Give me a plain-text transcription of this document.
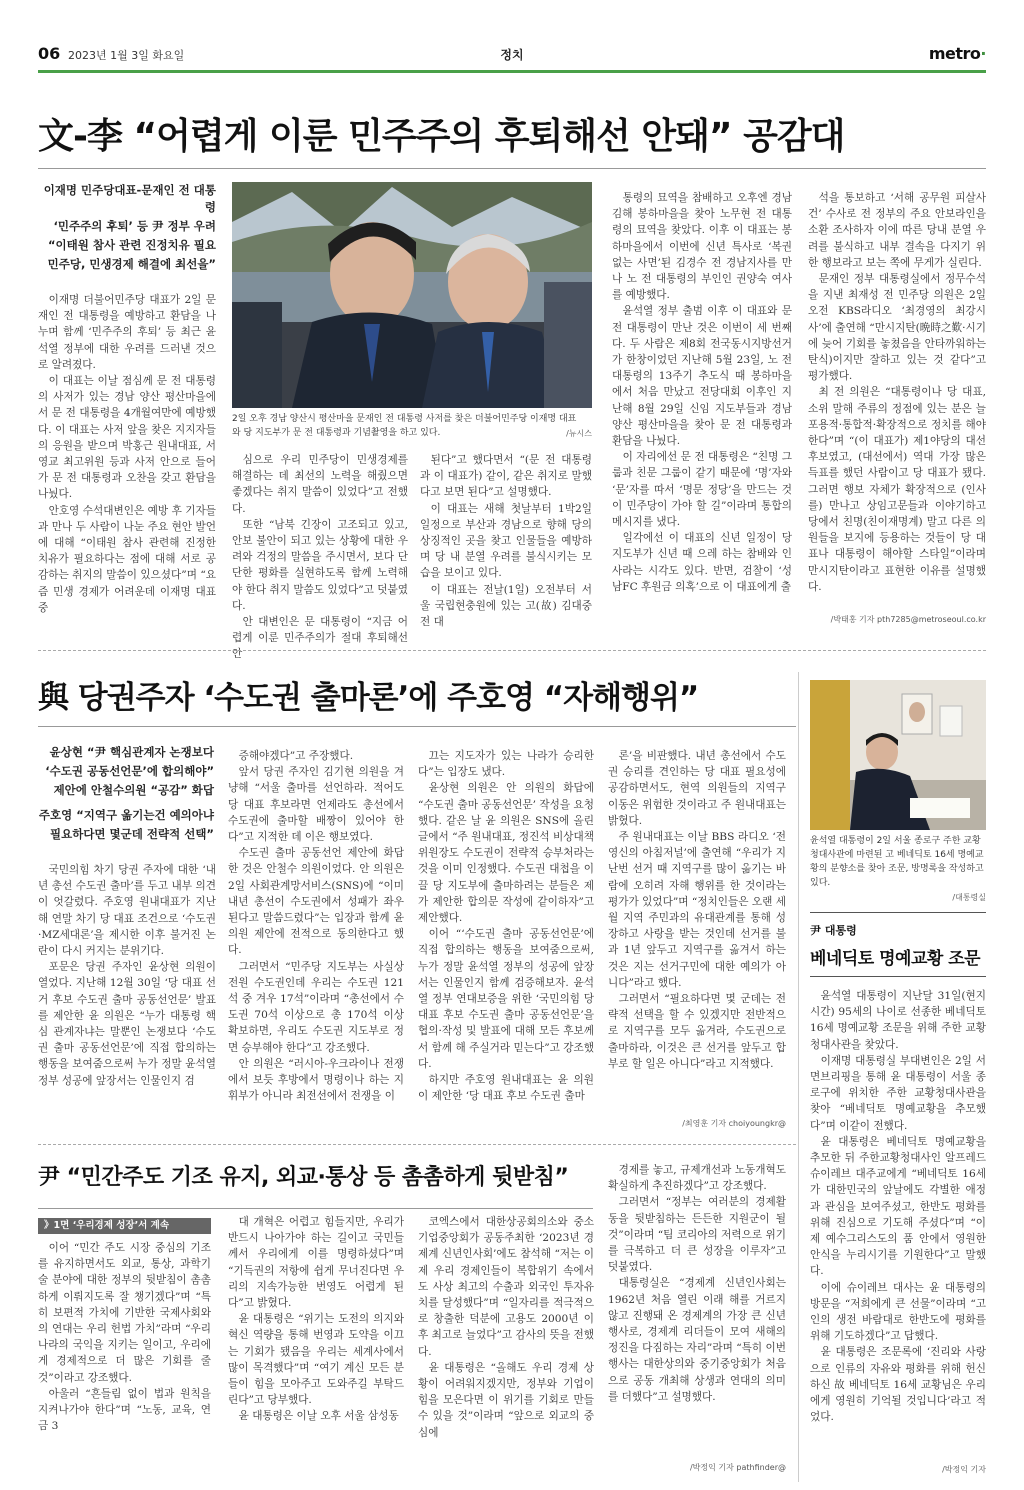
06 2023년 1월 3일 화요일	정치	metro·
文-李 “어렵게 이룬 민주주의 후퇴해선 안돼” 공감대

이재명 민주당대표-문재인 전 대통령

‘민주주의 후퇴’ 등 尹 정부 우려

“이태원 참사 관련 진정치유 필요

민주당, 민생경제 해결에 최선을”

이재명 더불어민주당 대표가 2일 문재인 전 대통령을 예방하고 환담을 나누며 함께 ‘민주주의 후퇴’ 등 최근 윤석열 정부에 대한 우려를 드러낸 것으로 알려졌다.

이 대표는 이날 점심께 문 전 대통령의 사저가 있는 경남 양산 평산마을에서 문 전 대통령을 4개월여만에 예방했다. 이 대표는 사저 앞을 찾은 지지자들의 응원을 받으며 박홍근 원내대표, 서영교 최고위원 등과 사저 안으로 들어가 문 전 대통령과 오찬을 갖고 환담을 나눴다.

안호영 수석대변인은 예방 후 기자들과 만나 두 사람이 나눈 주요 현안 발언에 대해 “이태원 참사 관련해 진정한 치유가 필요하다는 점에 대해 서로 공감하는 취지의 말씀이 있으셨다”며 “요즘 민생 경제가 어려운데 이재명 대표 중

2일 오후 경남 양산시 평산마을 문재인 전 대통령 사저를 찾은 더불어민주당 이재명 대표와 당 지도부가 문 전 대통령과 기념촬영을 하고 있다.	/뉴시스

심으로 우리 민주당이 민생경제를 해결하는 데 최선의 노력을 해줬으면 좋겠다는 취지 말씀이 있었다”고 전했다.

또한 “남북 긴장이 고조되고 있고, 안보 불안이 되고 있는 상황에 대한 우려와 걱정의 말씀을 주시면서, 보다 단단한 평화를 실현하도록 함께 노력해야 한다 취지 말씀도 있었다”고 덧붙였다.

안 대변인은 문 대통령이 “지금 어렵게 이룬 민주주의가 절대 후퇴해선 안

된다”고 했다면서 “(문 전 대통령과 이 대표가) 같이, 같은 취지로 말했다고 보면 된다”고 설명했다.

이 대표는 새해 첫날부터 1박2일 일정으로 부산과 경남으로 향해 당의 상징적인 곳을 찾고 인물들을 예방하며 당 내 분열 우려를 불식시키는 모습을 보이고 있다.

이 대표는 전날(1일) 오전부터 서울 국립현충원에 있는 고(故) 김대중 전 대

통령의 묘역을 참배하고 오후엔 경남 김해 봉하마을을 찾아 노무현 전 대통령의 묘역을 찾았다. 이후 이 대표는 봉하마을에서 이번에 신년 특사로 ‘복권 없는 사면’된 김경수 전 경남지사를 만나 노 전 대통령의 부인인 권양숙 여사를 예방했다.

윤석열 정부 출범 이후 이 대표와 문 전 대통령이 만난 것은 이번이 세 번째다. 두 사람은 제8회 전국동시지방선거가 한창이었던 지난해 5월 23일, 노 전 대통령의 13주기 추도식 때 봉하마을에서 처음 만났고 전당대회 이후인 지난해 8월 29일 신임 지도부들과 경남 양산 평산마을을 찾아 문 전 대통령과 환담을 나눴다.

이 자리에선 문 전 대통령은 “친명 그룹과 친문 그룹이 같기 때문에 ‘명’자와 ‘문’자를 따서 ‘명문 정당’을 만드는 것이 민주당이 가야 할 길”이라며 통합의 메시지를 냈다.

일각에선 이 대표의 신년 일정이 당 지도부가 신년 때 으레 하는 참배와 인사라는 시각도 있다. 반면, 검찰이 ‘성남FC 후원금 의혹’으로 이 대표에게 출

석을 통보하고 ‘서해 공무원 피살사건’ 수사로 전 정부의 주요 안보라인을 소환 조사하자 이에 따른 당내 분열 우려를 불식하고 내부 결속을 다지기 위한 행보라고 보는 쪽에 무게가 실린다.

문재인 정부 대통령실에서 정무수석을 지낸 최재성 전 민주당 의원은 2일 오전 KBS라디오 ‘최경영의 최강시사’에 출연해 “만시지탄(晩時之歎·시기에 늦어 기회를 놓쳤음을 안타까워하는 탄식)이지만 잘하고 있는 것 같다”고 평가했다.

최 전 의원은 “대통령이나 당 대표, 소위 말해 주류의 정점에 있는 분은 늘 포용적·통합적·확장적으로 정치를 해야 한다”며 “(이 대표가) 제1야당의 대선후보였고, (대선에서) 역대 가장 많은 득표를 했던 사람이고 당 대표가 됐다. 그러면 행보 자체가 확장적으로 (인사를) 만나고 상임고문들과 이야기하고 당에서 친명(친이재명계) 말고 다른 의원들을 보지에 등용하는 것들이 당 대표나 대통령이 해야할 스타일”이라며 만시지탄이라고 표현한 이유를 설명했다.

/박태홍 기자 pth7285@metroseoul.co.kr
與 당권주자 ‘수도권 출마론’에 주호영 “자해행위”

윤상현 “尹 핵심관계자 논쟁보다

‘수도권 공동선언문’에 합의해야”

제안에 안철수의원 “공감” 화답

주호영 “지역구 옮기는건 예의아냐

필요하다면 몇군데 전략적 선택”

국민의힘 차기 당권 주자에 대한 ‘내년 총선 수도권 출마’를 두고 내부 의견이 엇갈렸다. 주호영 원내대표가 지난해 연말 차기 당 대표 조건으로 ‘수도권·MZ세대론’을 제시한 이후 불거진 논란이 다시 커지는 분위기다.

포문은 당권 주자인 윤상현 의원이 열었다. 지난해 12월 30일 ‘당 대표 선거 후보 수도권 출마 공동선언문’ 발표를 제안한 윤 의원은 “누가 대통령 핵심 관계자냐는 말뿐인 논쟁보다 ‘수도권 출마 공동선언문’에 직접 합의하는 행동을 보여줌으로써 누가 정말 윤석열 정부 성공에 앞장서는 인물인지 검

증해야겠다”고 주장했다.

앞서 당권 주자인 김기현 의원을 겨냥해 “서울 출마를 선언하라. 적어도 당 대표 후보라면 언제라도 총선에서 수도권에 출마할 배짱이 있어야 한다”고 지적한 데 이은 행보였다.

수도권 출마 공동선언 제안에 화답한 것은 안철수 의원이었다. 안 의원은 2일 사회관계망서비스(SNS)에 “이미 내년 총선이 수도권에서 성패가 좌우된다고 말씀드렸다”는 입장과 함께 윤 의원 제안에 전적으로 동의한다고 했다.

그러면서 “민주당 지도부는 사실상 전원 수도권인데 우리는 수도권 121석 중 겨우 17석”이라며 “총선에서 수도권 70석 이상으로 총 170석 이상 확보하면, 우리도 수도권 지도부로 정면 승부해야 한다”고 강조했다.

안 의원은 “러시아-우크라이나 전쟁에서 보듯 후방에서 명령이나 하는 지휘부가 아니라 최전선에서 전쟁을 이

끄는 지도자가 있는 나라가 승리한다”는 입장도 냈다.

윤상현 의원은 안 의원의 화답에 “수도권 출마 공동선언문’ 작성을 요청했다. 같은 날 윤 의원은 SNS에 올린 글에서 “주 원내대표, 정진석 비상대책위원장도 수도권이 전략적 승부처라는 것을 이미 인정했다. 수도권 대첩을 이끌 당 지도부에 출마하려는 분들은 제가 제안한 합의문 작성에 같이하자”고 제안했다.

이어 “‘수도권 출마 공동선언문’에 직접 합의하는 행동을 보여줌으로써, 누가 정말 윤석열 정부의 성공에 앞장서는 인물인지 함께 검증해보자. 윤석열 정부 연대보증을 위한 ‘국민의힘 당대표 후보 수도권 출마 공동선언문’을 협의·작성 및 발표에 대해 모든 후보께서 함께 해 주실거라 믿는다”고 강조했다.

하지만 주호영 원내대표는 윤 의원이 제안한 ‘당 대표 후보 수도권 출마

론’을 비판했다. 내년 총선에서 수도권 승리를 견인하는 당 대표 필요성에 공감하면서도, 현역 의원들의 지역구 이동은 위험한 것이라고 주 원내대표는 밝혔다.

주 원내대표는 이날 BBS 라디오 ‘전영신의 아침저널’에 출연해 “우리가 지난번 선거 때 지역구를 많이 옮기는 바람에 오히려 자해 행위를 한 것이라는 평가가 있었다”며 “정치인들은 오랜 세월 지역 주민과의 유대관계를 통해 성장하고 사랑을 받는 것인데 선거를 불과 1년 앞두고 지역구를 옮겨서 하는 것은 지는 선거구민에 대한 예의가 아니다”라고 했다.

그러면서 “필요하다면 몇 군데는 전략적 선택을 할 수 있겠지만 전반적으로 지역구를 모두 옮겨라, 수도권으로 출마하라, 이것은 큰 선거를 앞두고 합부로 할 일은 아니다”라고 지적했다.

/최영훈 기자 choiyoungkr@
윤석열 대통령이 2일 서울 종로구 주한 교황청대사관에 마련된 고 베네딕토 16세 명예교황의 분향소를 찾아 조문, 방명록을 작성하고 있다.
/대통령실
尹 대통령
베네딕토 명예교황 조문

윤석열 대통령이 지난달 31일(현지시간) 95세의 나이로 선종한 베네딕토 16세 명예교황 조문을 위해 주한 교황청대사관을 찾았다.

이재명 대통령실 부대변인은 2일 서면브리핑을 통해 윤 대통령이 서울 종로구에 위치한 주한 교황청대사관을 찾아 “베네딕토 명예교황을 추모했다”며 이같이 전했다.

윤 대통령은 베네딕토 명예교황을 추모한 뒤 주한교황청대사인 알프레드 슈이레브 대주교에게 “베네딕토 16세가 대한민국의 앞날에도 각별한 애정과 관심을 보여주셨고, 한반도 평화를 위해 진심으로 기도해 주셨다”며 “이제 예수그리스도의 품 안에서 영원한 안식을 누리시기를 기원한다”고 말했다.

이에 슈이레브 대사는 윤 대통령의 방문을 “저희에게 큰 선물”이라며 “고인의 생전 바람대로 한반도에 평화를 위해 기도하겠다”고 답했다.

윤 대통령은 조문록에 ‘진리와 사랑으로 인류의 자유와 평화를 위해 헌신하신 故 베네딕토 16세 교황님은 우리에게 영원히 기억될 것입니다’라고 적었다.

/박정익 기자
尹 “민간주도 기조 유지, 외교·통상 등 촘촘하게 뒷받침”
》1면 ‘우리경제 성장’서 계속

이어 “민간 주도 시장 중심의 기조를 유지하면서도 외교, 통상, 과학기술 분야에 대한 정부의 뒷받침이 촘촘하게 이뤄지도록 잘 챙기겠다”며 “특히 보편적 가치에 기반한 국제사회와의 연대는 우리 헌법 가치”라며 “우리나라의 국익을 지키는 일이고, 우리에게 경제적으로 더 많은 기회를 줄 것”이라고 강조했다.

아울러 “흔들림 없이 법과 원칙을 지켜나가야 한다”며 “노동, 교육, 연금 3

대 개혁은 어렵고 힘들지만, 우리가 반드시 나아가야 하는 길이고 국민들께서 우리에게 이를 명령하셨다”며 “기득권의 저항에 쉽게 무너진다면 우리의 지속가능한 번영도 어렵게 된다”고 밝혔다.

윤 대통령은 “위기는 도전의 의지와 혁신 역량을 통해 번영과 도약을 이끄는 기회가 됐음을 우리는 세계사에서 많이 목격했다”며 “여기 계신 모든 분들이 힘을 모아주고 도와주길 부탁드린다”고 당부했다.

윤 대통령은 이날 오후 서울 삼성동

코엑스에서 대한상공회의소와 중소기업중앙회가 공동주최한 ‘2023년 경제계 신년인사회’에도 참석해 “저는 이제 우리 경제인들이 복합위기 속에서도 사상 최고의 수출과 외국인 투자유치를 달성했다”며 “일자리를 적극적으로 창출한 덕분에 고용도 2000년 이후 최고로 늘었다”고 감사의 뜻을 전했다.

윤 대통령은 “올해도 우리 경제 상황이 어려워지겠지만, 정부와 기업이 힘을 모은다면 이 위기를 기회로 만들 수 있을 것”이라며 “앞으로 외교의 중심에

경제를 놓고, 규제개선과 노동개혁도 확실하게 추진하겠다”고 강조했다.

그러면서 “정부는 여러분의 경제활동을 뒷받침하는 든든한 지원군이 될 것”이라며 “팀 코리아의 저력으로 위기를 극복하고 더 큰 성장을 이루자”고 덧붙였다.

대통령실은 “경제계 신년인사회는 1962년 처음 열린 이래 해를 거르지 않고 진행돼 온 경제계의 가장 큰 신년행사로, 경제계 리더들이 모여 새해의 정진을 다짐하는 자리”라며 “특히 이번 행사는 대한상의와 중기중앙회가 처음으로 공동 개최해 상생과 연대의 의미를 더했다”고 설명했다.

/박정익 기자 pathfinder@
